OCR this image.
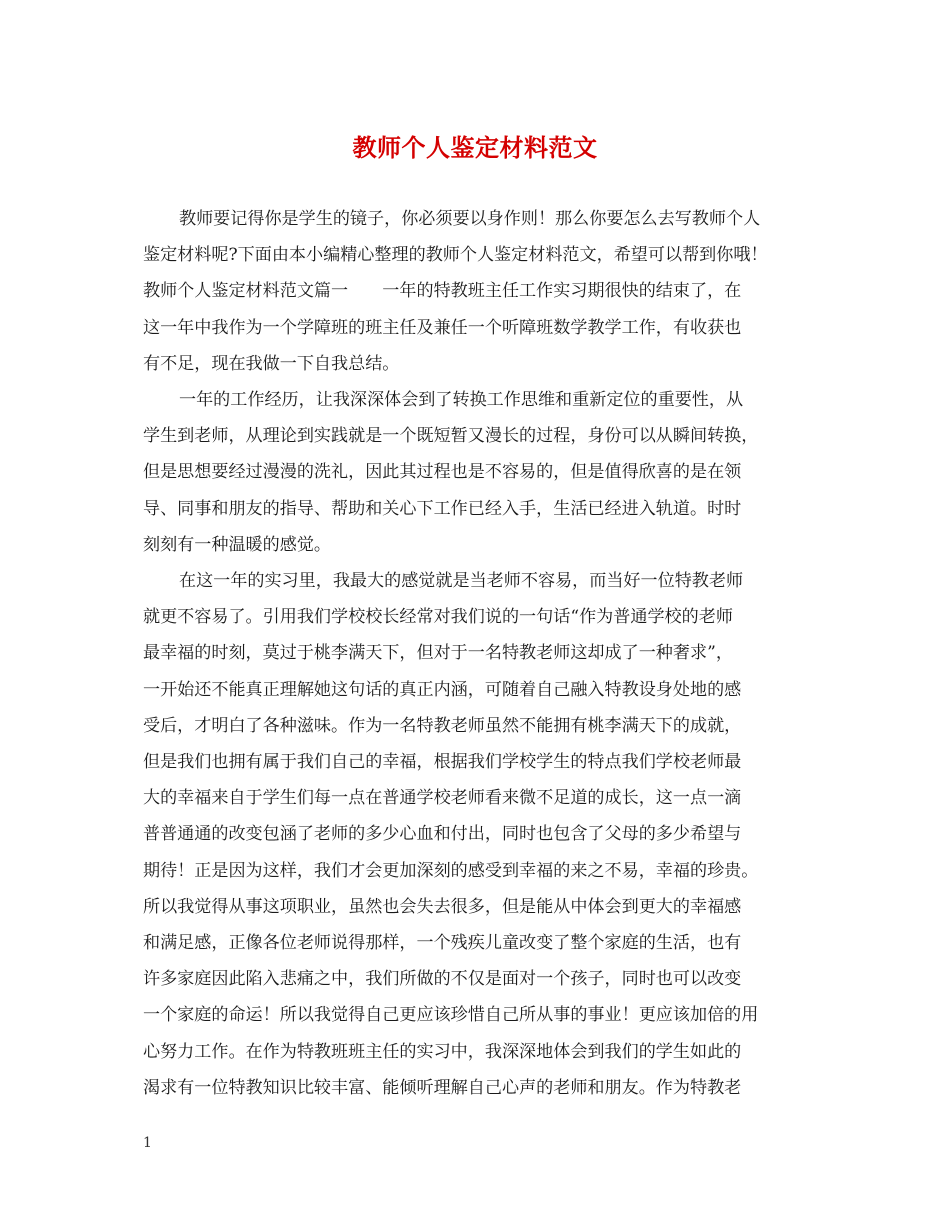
教师个人鉴定材料范文
教师要记得你是学生的镜子，你必须要以身作则！那么你要怎么去写教师个人
鉴定材料呢?下面由本小编精心整理的教师个人鉴定材料范文，希望可以帮到你哦！
教师个人鉴定材料范文篇一　　一年的特教班主任工作实习期很快的结束了，在
这一年中我作为一个学障班的班主任及兼任一个听障班数学教学工作，有收获也
有不足，现在我做一下自我总结。
一年的工作经历，让我深深体会到了转换工作思维和重新定位的重要性，从
学生到老师，从理论到实践就是一个既短暂又漫长的过程，身份可以从瞬间转换，
但是思想要经过漫漫的洗礼，因此其过程也是不容易的，但是值得欣喜的是在领
导、同事和朋友的指导、帮助和关心下工作已经入手，生活已经进入轨道。时时
刻刻有一种温暖的感觉。
在这一年的实习里，我最大的感觉就是当老师不容易，而当好一位特教老师
就更不容易了。引用我们学校校长经常对我们说的一句话“作为普通学校的老师
最幸福的时刻，莫过于桃李满天下，但对于一名特教老师这却成了一种奢求”，
一开始还不能真正理解她这句话的真正内涵，可随着自己融入特教设身处地的感
受后，才明白了各种滋味。作为一名特教老师虽然不能拥有桃李满天下的成就，
但是我们也拥有属于我们自己的幸福，根据我们学校学生的特点我们学校老师最
大的幸福来自于学生们每一点在普通学校老师看来微不足道的成长，这一点一滴
普普通通的改变包涵了老师的多少心血和付出，同时也包含了父母的多少希望与
期待！正是因为这样，我们才会更加深刻的感受到幸福的来之不易，幸福的珍贵。
所以我觉得从事这项职业，虽然也会失去很多，但是能从中体会到更大的幸福感
和满足感，正像各位老师说得那样，一个残疾儿童改变了整个家庭的生活，也有
许多家庭因此陷入悲痛之中，我们所做的不仅是面对一个孩子，同时也可以改变
一个家庭的命运！所以我觉得自己更应该珍惜自己所从事的事业！更应该加倍的用
心努力工作。在作为特教班班主任的实习中，我深深地体会到我们的学生如此的
渴求有一位特教知识比较丰富、能倾听理解自己心声的老师和朋友。作为特教老
1
